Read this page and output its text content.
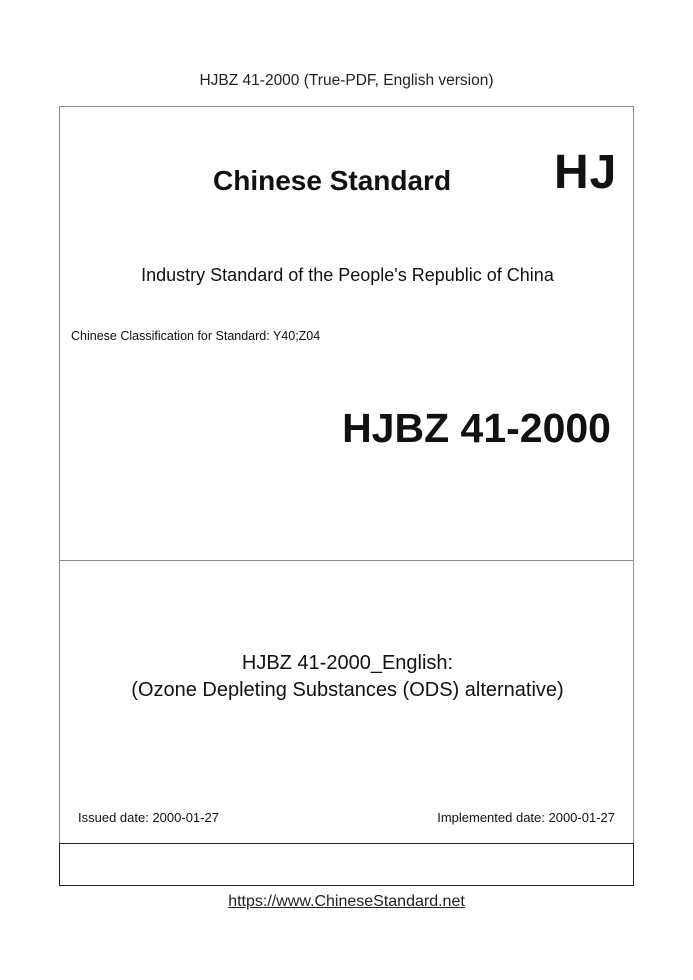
HJBZ 41-2000 (True-PDF, English version)
Chinese Standard HJ
Industry Standard of the People's Republic of China
Chinese Classification for Standard: Y40;Z04
HJBZ 41-2000
HJBZ 41-2000_English:
(Ozone Depleting Substances (ODS) alternative)
Issued date: 2000-01-27	Implemented date: 2000-01-27
https://www.ChineseStandard.net
